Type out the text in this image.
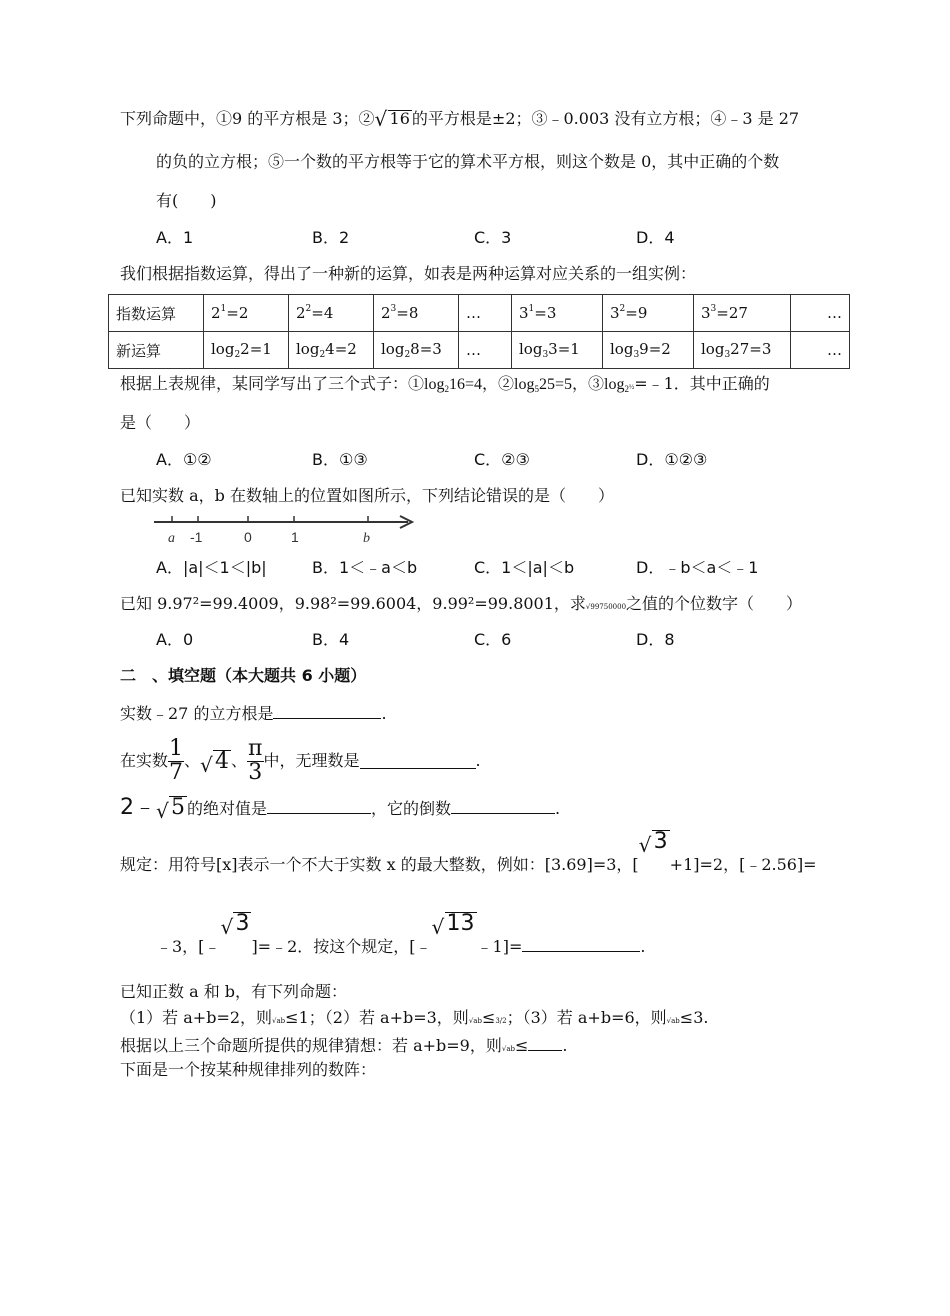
下列命题中，①9 的平方根是 3；② √ 16 的平方根是±2；③﹣0.003 没有立方根；④﹣3 是 27
的负的立方根；⑤一个数的平方根等于它的算术平方根，则这个数是 0，其中正确的个数
有(　　)
A．1	B．2	C．3	D．4
我们根据指数运算，得出了一种新的运算，如表是两种运算对应关系的一组实例：
指数运算	$2^1=2$	$2^2=4$	$2^3=8$	…	$3^1=3$	$3^2=9$	$3^3=27$	…
新运算	$\log_22=1$	$\log_24=2$	$\log_28=3$	…	$\log_33=1$	$\log_39=2$	$\log_327=3$	…
根据上表规律，某同学写出了三个式子：$①\log_216=4$，$②\log_525=5$，$③\log_2\frac{1}{2}=﹣1$．其中正确的
是（　　）
A．①②	B．①③	C．②③	D．①②③
已知实数 a，b 在数轴上的位置如图所示，下列结论错误的是（　　）
a -1	0	1	b
A．|a|＜1＜|b|	B．1＜﹣a＜b	C．1＜|a|＜b	D．﹣b＜a＜﹣1
已知 9.97²=99.4009，9.98²=99.6004，9.99²=99.8001，求√99750000之值的个位数字（　　）
A．0	B．4	C．6	D．8
二　、填空题（本大题共 6 小题）
实数﹣27 的立方根是	.
在实数 $\frac{1}{7}$ 、 √ 4 、 $\frac{\pi}{3}$ 中，无理数是	.
2﹣ √ 5 的绝对值是	，它的倒数	.
规定：用符号[x]表示一个不大于实数 x 的最大整数，例如：[3.69]=3，[
√ 3+1]=2，[﹣2.56]=
﹣3，[﹣
√ 3]=﹣2．按这个规定，[﹣
√ 13﹣1]=	.
已知正数 a 和 b，有下列命题：
（1）若 a+b=2，则√ab≤1；（2）若 a+b=3，则√ab≤3/2；（3）若 a+b=6，则√ab≤3.
根据以上三个命题所提供的规律猜想：若 a+b=9，则√ab≤ .
下面是一个按某种规律排列的数阵：
